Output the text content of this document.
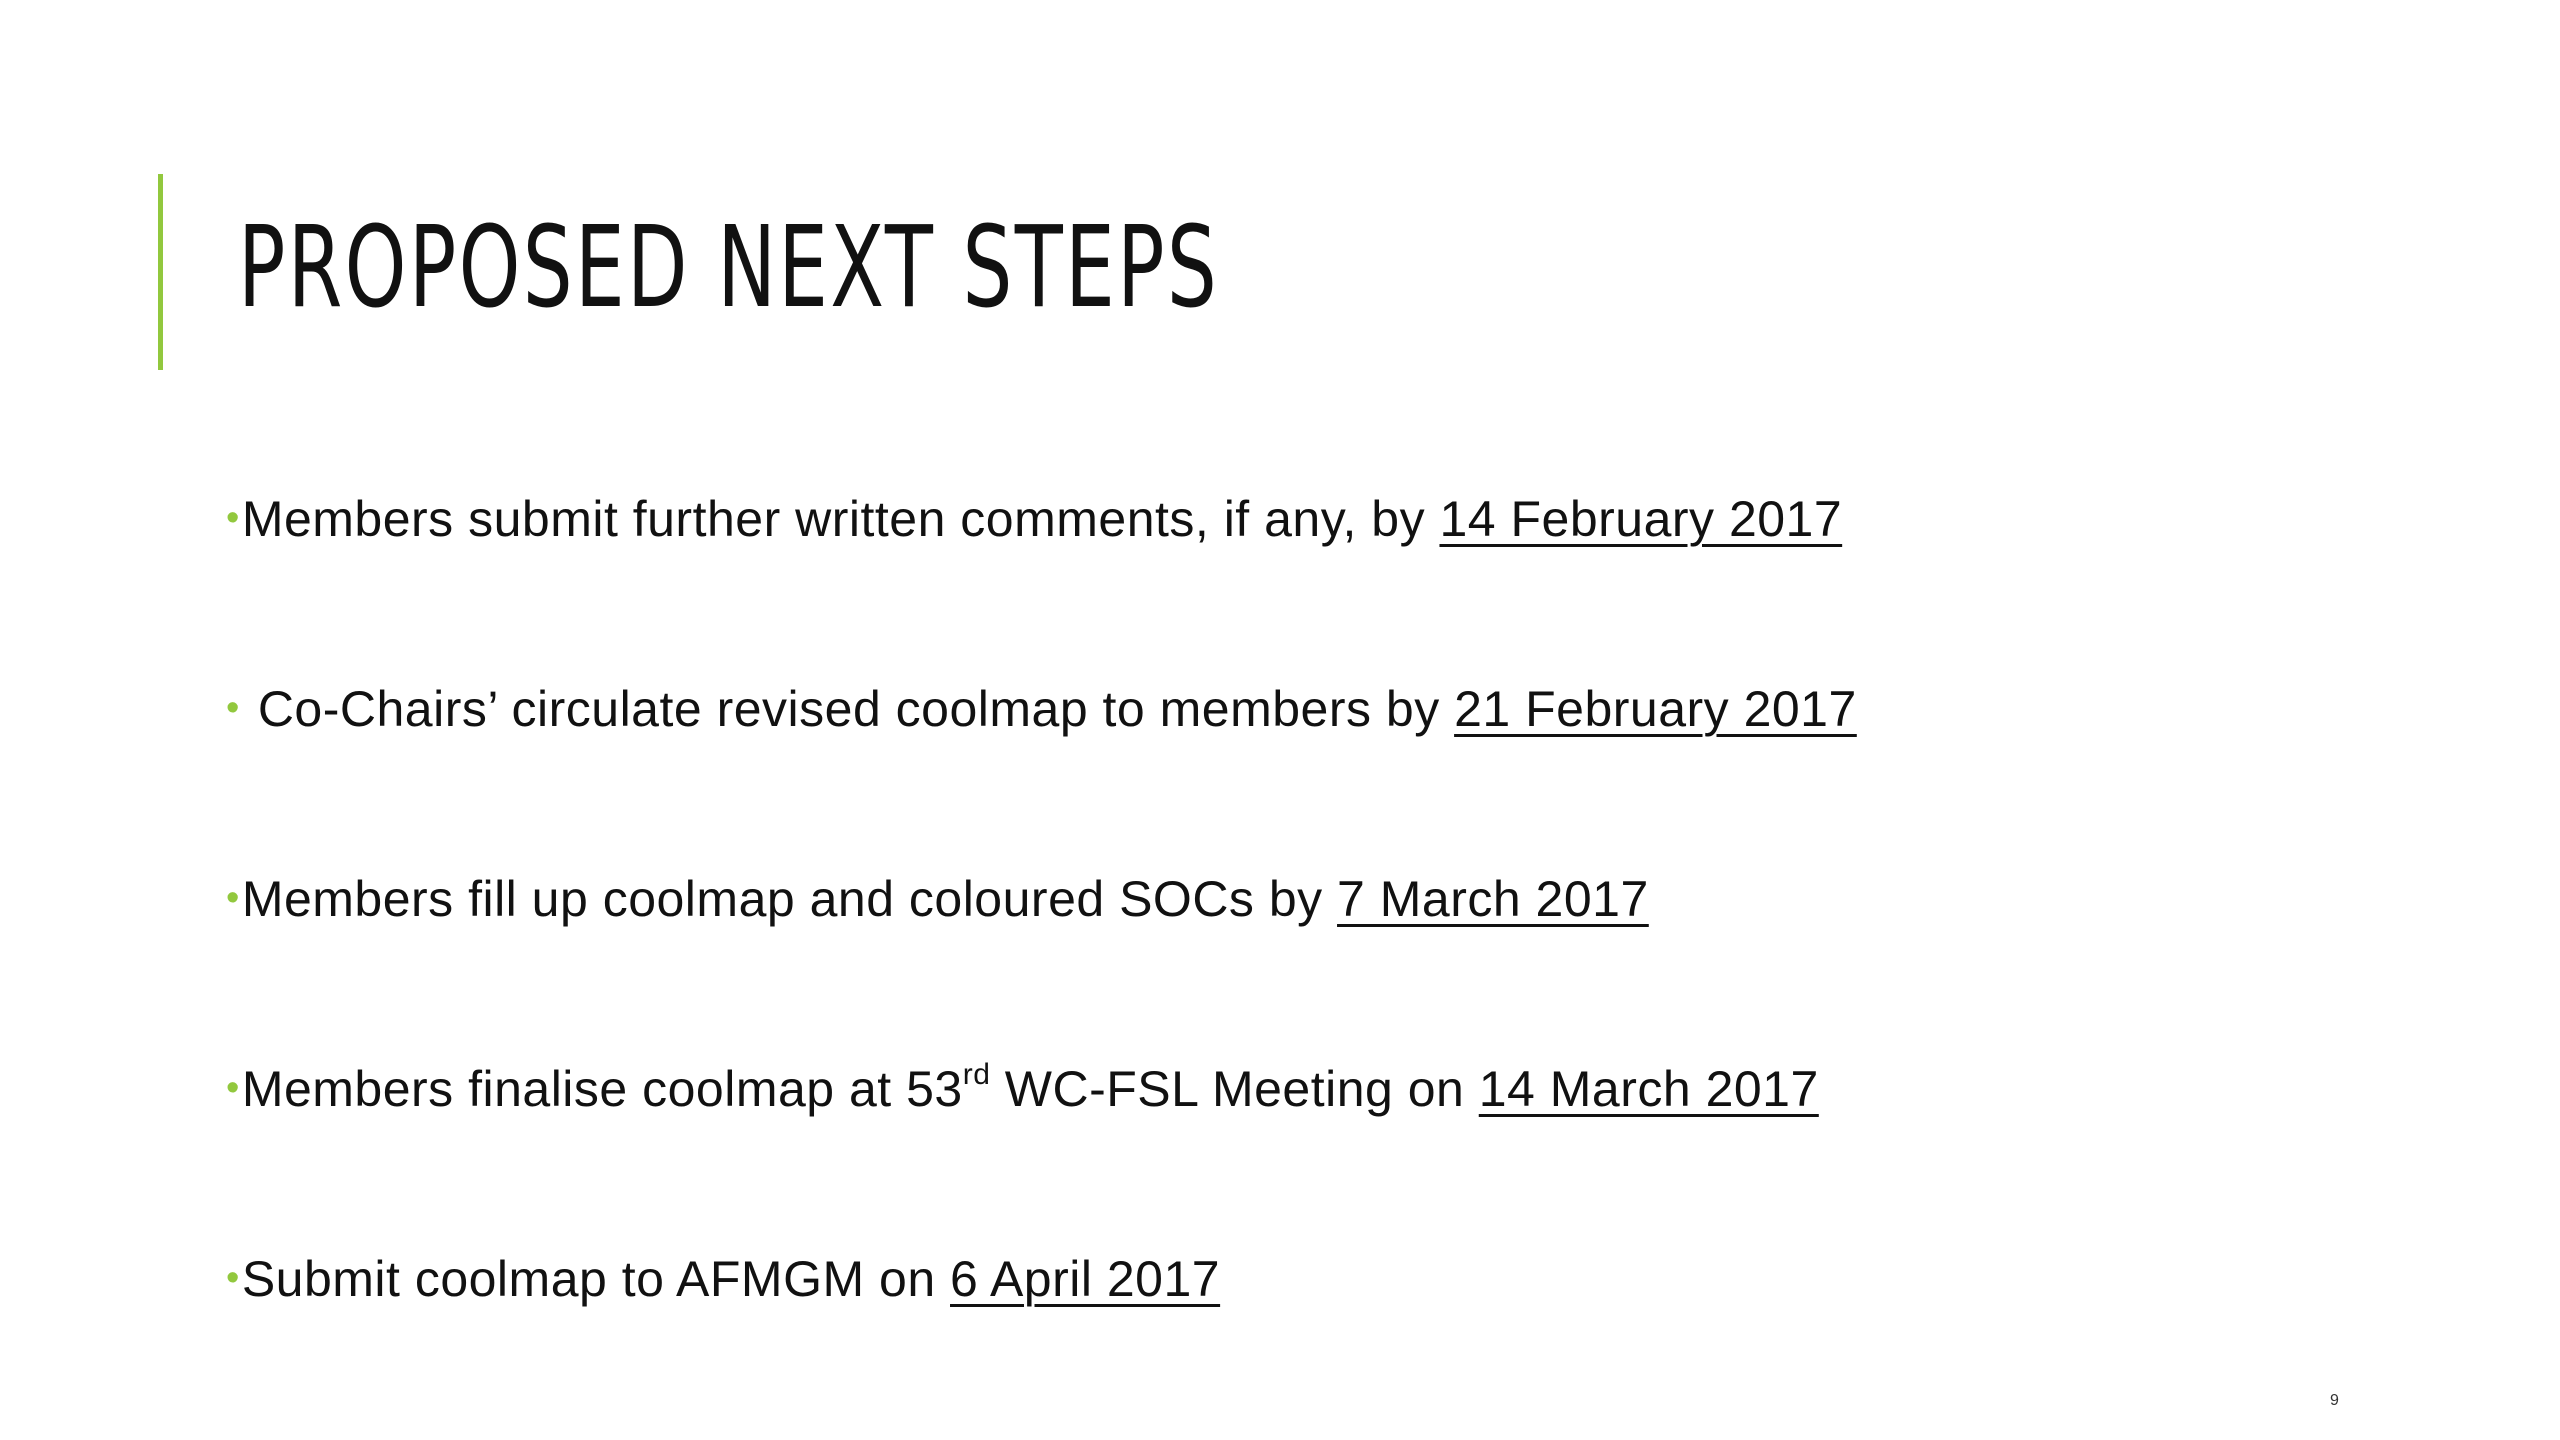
PROPOSED NEXT STEPS
•Members submit further written comments, if any, by 14 February 2017
• Co-Chairs’ circulate revised coolmap to members by 21 February 2017
•Members fill up coolmap and coloured SOCs by 7 March 2017
•Members finalise coolmap at 53rd WC-FSL Meeting on 14 March 2017
•Submit coolmap to AFMGM on 6 April 2017
9
